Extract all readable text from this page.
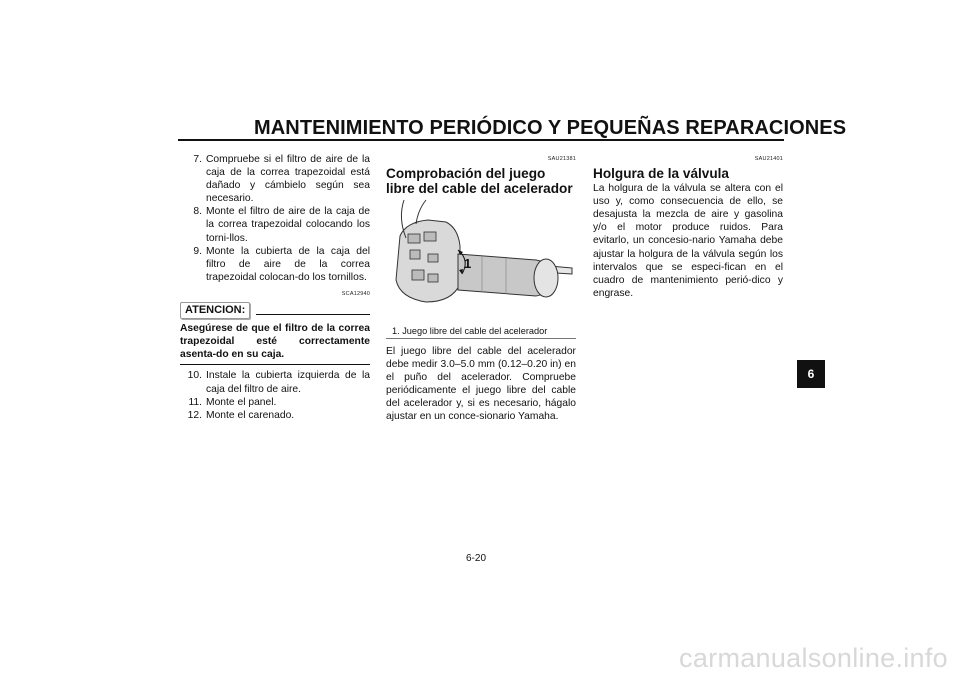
MANTENIMIENTO PERIÓDICO Y PEQUEÑAS REPARACIONES
7. Compruebe si el filtro de aire de la caja de la correa trapezoidal está dañado y cámbielo según sea necesario.
8. Monte el filtro de aire de la caja de la correa trapezoidal colocando los torni-llos.
9. Monte la cubierta de la caja del filtro de aire de la correa trapezoidal colocan-do los tornillos.
SCA12940
ATENCION:
Asegúrese de que el filtro de la correa trapezoidal esté correctamente asenta-do en su caja.
10. Instale la cubierta izquierda de la caja del filtro de aire.
11. Monte el panel.
12. Monte el carenado.
SAU21381
Comprobación del juego libre del cable del acelerador
1
1. Juego libre del cable del acelerador
El juego libre del cable del acelerador debe medir 3.0–5.0 mm (0.12–0.20 in) en el puño del acelerador. Compruebe periódicamente el juego libre del cable del acelerador y, si es necesario, hágalo ajustar en un conce-sionario Yamaha.
SAU21401
Holgura de la válvula
La holgura de la válvula se altera con el uso y, como consecuencia de ello, se desajusta la mezcla de aire y gasolina y/o el motor produce ruidos. Para evitarlo, un concesio-nario Yamaha debe ajustar la holgura de la válvula según los intervalos que se especi-fican en el cuadro de mantenimiento perió-dico y engrase.
6
6-20
carmanualsonline.info
